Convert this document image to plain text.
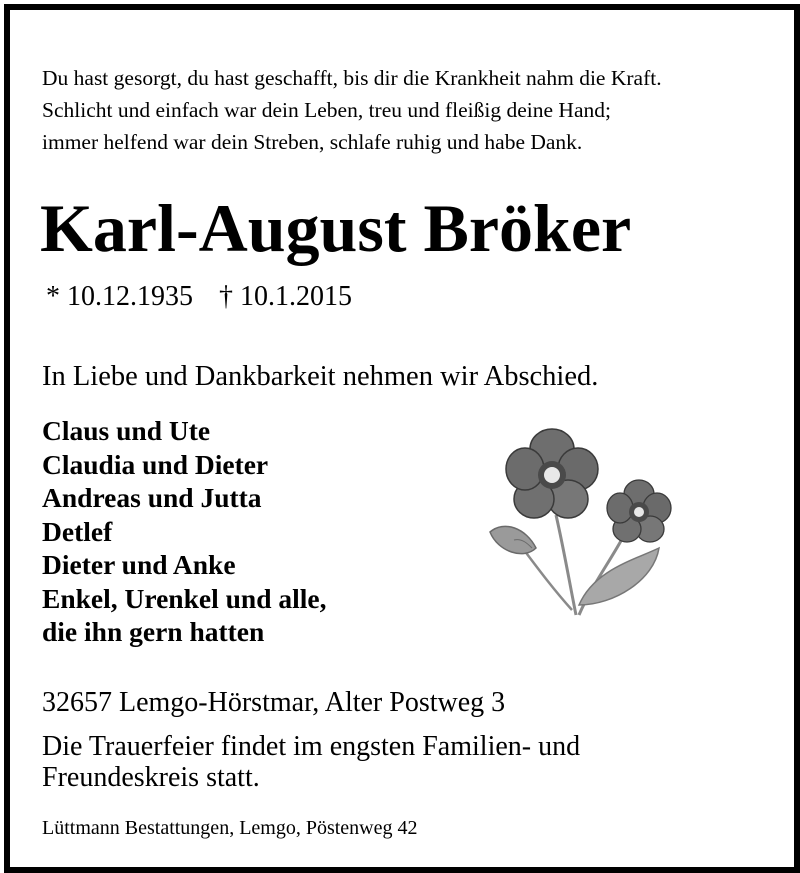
Du hast gesorgt, du hast geschafft, bis dir die Krankheit nahm die Kraft.
Schlicht und einfach war dein Leben, treu und fleißig deine Hand;
immer helfend war dein Streben, schlafe ruhig und habe Dank.
Karl-August Bröker
* 10.12.1935 † 10.1.2015
In Liebe und Dankbarkeit nehmen wir Abschied.
Claus und Ute
Claudia und Dieter
Andreas und Jutta
Detlef
Dieter und Anke
Enkel, Urenkel und alle,
die ihn gern hatten
32657 Lemgo-Hörstmar, Alter Postweg 3
Die Trauerfeier findet im engsten Familien- und
Freundeskreis statt.
Lüttmann Bestattungen, Lemgo, Pöstenweg 42
